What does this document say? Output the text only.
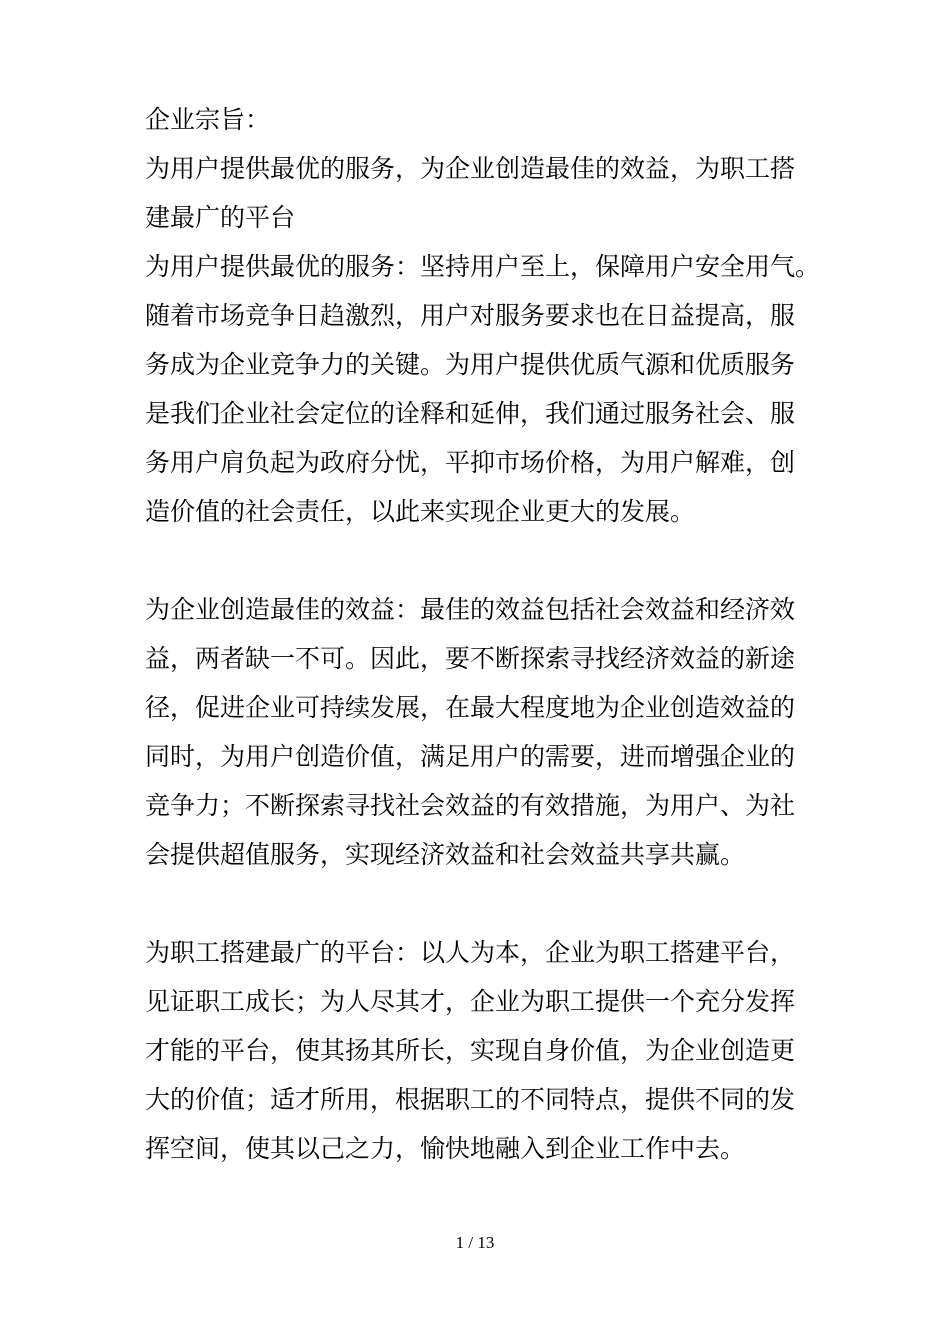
企业宗旨：
为用户提供最优的服务，为企业创造最佳的效益，为职工搭
建最广的平台
为用户提供最优的服务：坚持用户至上，保障用户安全用气。
随着市场竞争日趋激烈，用户对服务要求也在日益提高，服
务成为企业竞争力的关键。为用户提供优质气源和优质服务
是我们企业社会定位的诠释和延伸，我们通过服务社会、服
务用户肩负起为政府分忧，平抑市场价格，为用户解难，创
造价值的社会责任，以此来实现企业更大的发展。
为企业创造最佳的效益：最佳的效益包括社会效益和经济效
益，两者缺一不可。因此，要不断探索寻找经济效益的新途
径，促进企业可持续发展，在最大程度地为企业创造效益的
同时，为用户创造价值，满足用户的需要，进而增强企业的
竞争力；不断探索寻找社会效益的有效措施，为用户、为社
会提供超值服务，实现经济效益和社会效益共享共赢。
为职工搭建最广的平台：以人为本，企业为职工搭建平台，
见证职工成长；为人尽其才，企业为职工提供一个充分发挥
才能的平台，使其扬其所长，实现自身价值，为企业创造更
大的价值；适才所用，根据职工的不同特点，提供不同的发
挥空间，使其以己之力，愉快地融入到企业工作中去。
1 / 13
